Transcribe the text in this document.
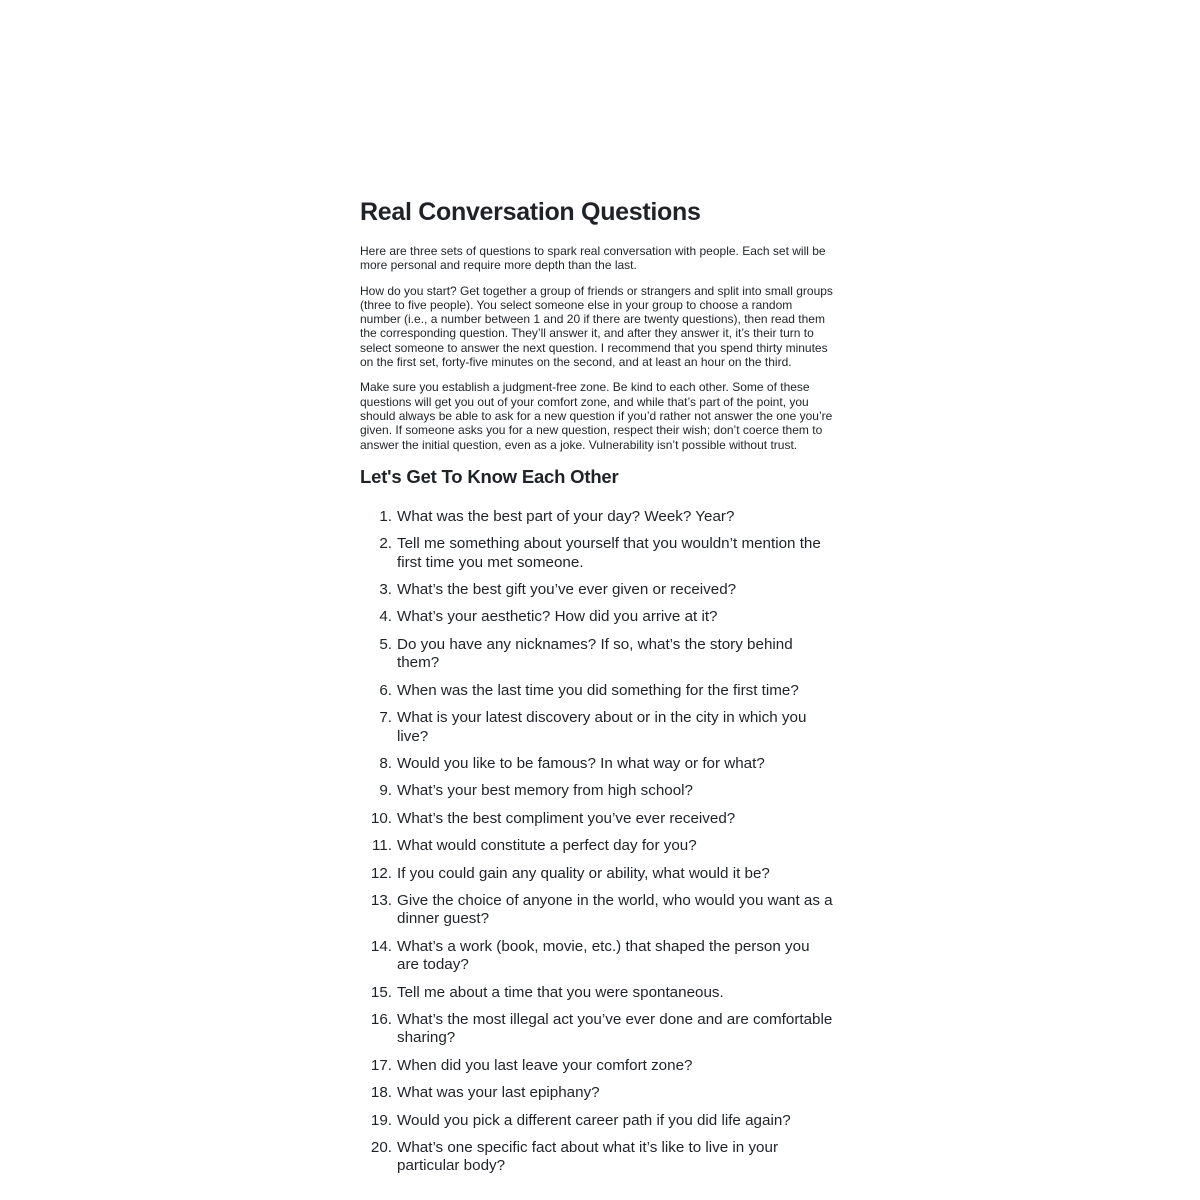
Real Conversation Questions

Here are three sets of questions to spark real conversation with people. Each set will be more personal and require more depth than the last.

How do you start? Get together a group of friends or strangers and split into small groups (three to five people). You select someone else in your group to choose a random number (i.e., a number between 1 and 20 if there are twenty questions), then read them the corresponding question. They’ll answer it, and after they answer it, it’s their turn to select someone to answer the next question. I recommend that you spend thirty minutes on the first set, forty-five minutes on the second, and at least an hour on the third.

Make sure you establish a judgment-free zone. Be kind to each other. Some of these questions will get you out of your comfort zone, and while that’s part of the point, you should always be able to ask for a new question if you’d rather not answer the one you’re given. If someone asks you for a new question, respect their wish; don’t coerce them to answer the initial question, even as a joke. Vulnerability isn’t possible without trust.

Let's Get To Know Each Other
1. What was the best part of your day? Week? Year?
2. Tell me something about yourself that you wouldn’t mention the first time you met someone.
3. What’s the best gift you’ve ever given or received?
4. What’s your aesthetic? How did you arrive at it?
5. Do you have any nicknames? If so, what’s the story behind them?
6. When was the last time you did something for the first time?
7. What is your latest discovery about or in the city in which you live?
8. Would you like to be famous? In what way or for what?
9. What’s your best memory from high school?
10. What’s the best compliment you’ve ever received?
11. What would constitute a perfect day for you?
12. If you could gain any quality or ability, what would it be?
13. Give the choice of anyone in the world, who would you want as a dinner guest?
14. What’s a work (book, movie, etc.) that shaped the person you are today?
15. Tell me about a time that you were spontaneous.
16. What’s the most illegal act you’ve ever done and are comfortable sharing?
17. When did you last leave your comfort zone?
18. What was your last epiphany?
19. Would you pick a different career path if you did life again?
20. What’s one specific fact about what it’s like to live in your particular body?
